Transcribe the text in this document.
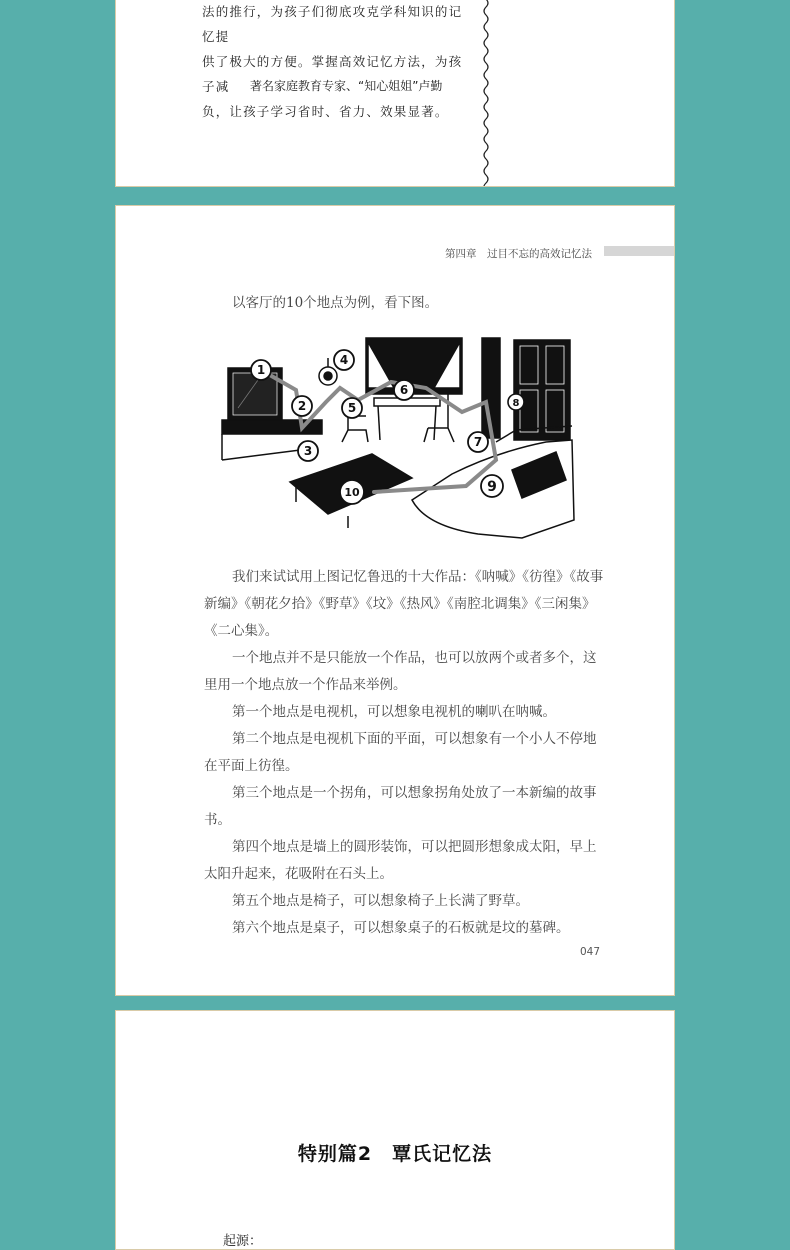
法的推行，为孩子们彻底攻克学科知识的记忆提

供了极大的方便。掌握高效记忆方法，为孩子减

负，让孩子学习省时、省力、效果显著。

著名家庭教育专家、“知心姐姐”卢勤
第四章　过目不忘的高效记忆法

以客厅的10个地点为例，看下图。

1
2
3
4
5
6
7
8
9
10

我们来试试用上图记忆鲁迅的十大作品：《呐喊》《彷徨》《故事新编》《朝花夕拾》《野草》《坟》《热风》《南腔北调集》《三闲集》《二心集》。

一个地点并不是只能放一个作品，也可以放两个或者多个，这里用一个地点放一个作品来举例。

第一个地点是电视机，可以想象电视机的喇叭在呐喊。

第二个地点是电视机下面的平面，可以想象有一个小人不停地在平面上彷徨。

第三个地点是一个拐角，可以想象拐角处放了一本新编的故事书。

第四个地点是墙上的圆形装饰，可以把圆形想象成太阳，早上太阳升起来，花吸附在石头上。

第五个地点是椅子，可以想象椅子上长满了野草。

第六个地点是桌子，可以想象桌子的石板就是坟的墓碑。

047
特别篇2　覃氏记忆法
起源：
